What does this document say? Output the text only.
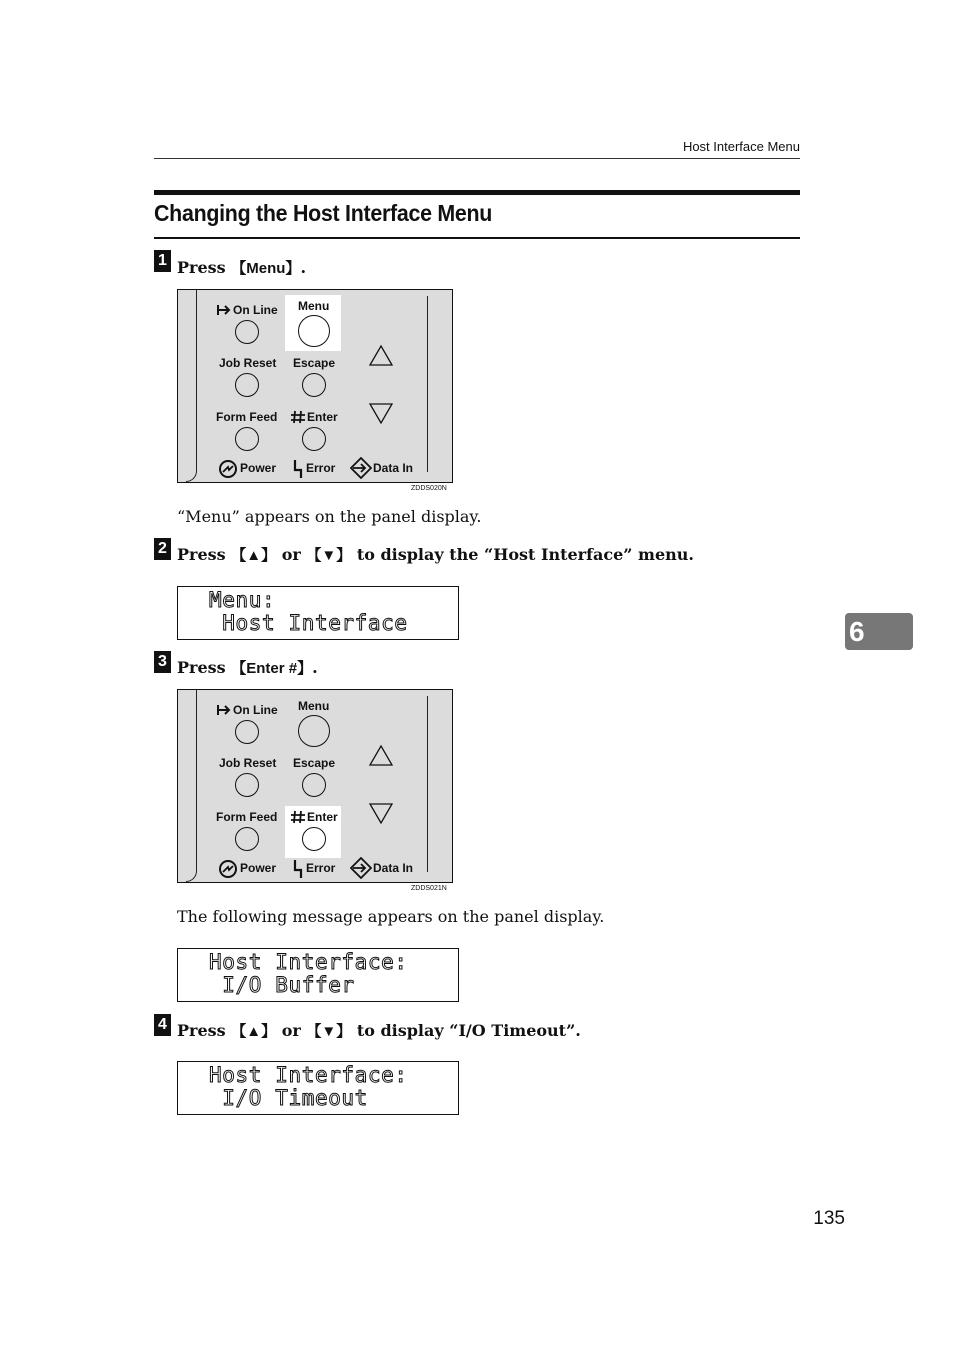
Host Interface Menu
Changing the Host Interface Menu
6
1 Press 【Menu】.
On Line Menu
Job Reset Escape
Form Feed Enter
Power Error	Data In
ZDDS020N
“Menu” appears on the panel display.
2 Press 【▲】 or 【▼】 to display the “Host Interface” menu.
Menu:
Host Interface
3 Press 【Enter #】.
On Line Menu
Job Reset Escape
Form Feed Enter
Power Error	Data In
ZDDS021N
The following message appears on the panel display.
Host Interface:
I/O Buffer
4 Press 【▲】 or 【▼】 to display “I/O Timeout”.
Host Interface:
I/O Timeout
135
